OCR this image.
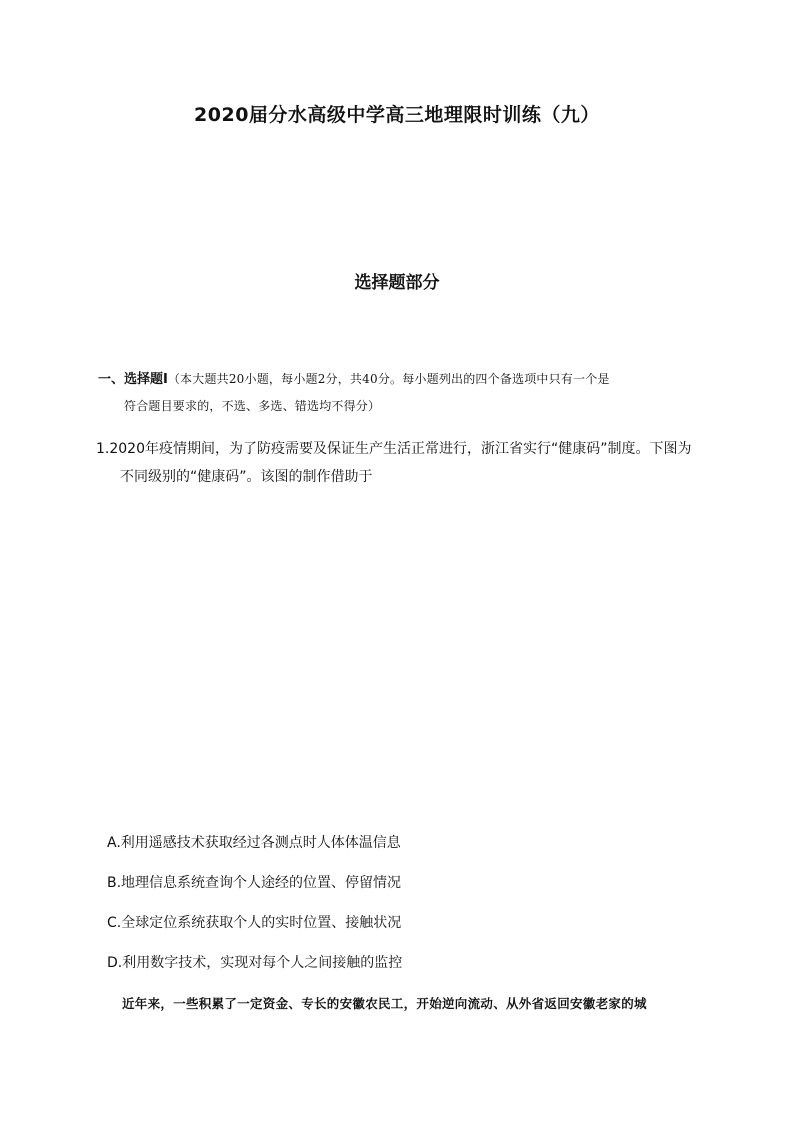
2020届分水高级中学高三地理限时训练（九）
选择题部分
一、选择题Ⅰ（本大题共20小题，每小题2分，共40分。每小题列出的四个备选项中只有一个是
符合题目要求的，不选、多选、错选均不得分）
1.2020年疫情期间，为了防疫需要及保证生产生活正常进行，浙江省实行“健康码”制度。下图为
不同级别的“健康码”。该图的制作借助于
A.利用遥感技术获取经过各测点时人体体温信息
B.地理信息系统查询个人途经的位置、停留情况
C.全球定位系统获取个人的实时位置、接触状况
D.利用数字技术，实现对每个人之间接触的监控
近年来，一些积累了一定资金、专长的安徽农民工，开始逆向流动、从外省返回安徽老家的城
